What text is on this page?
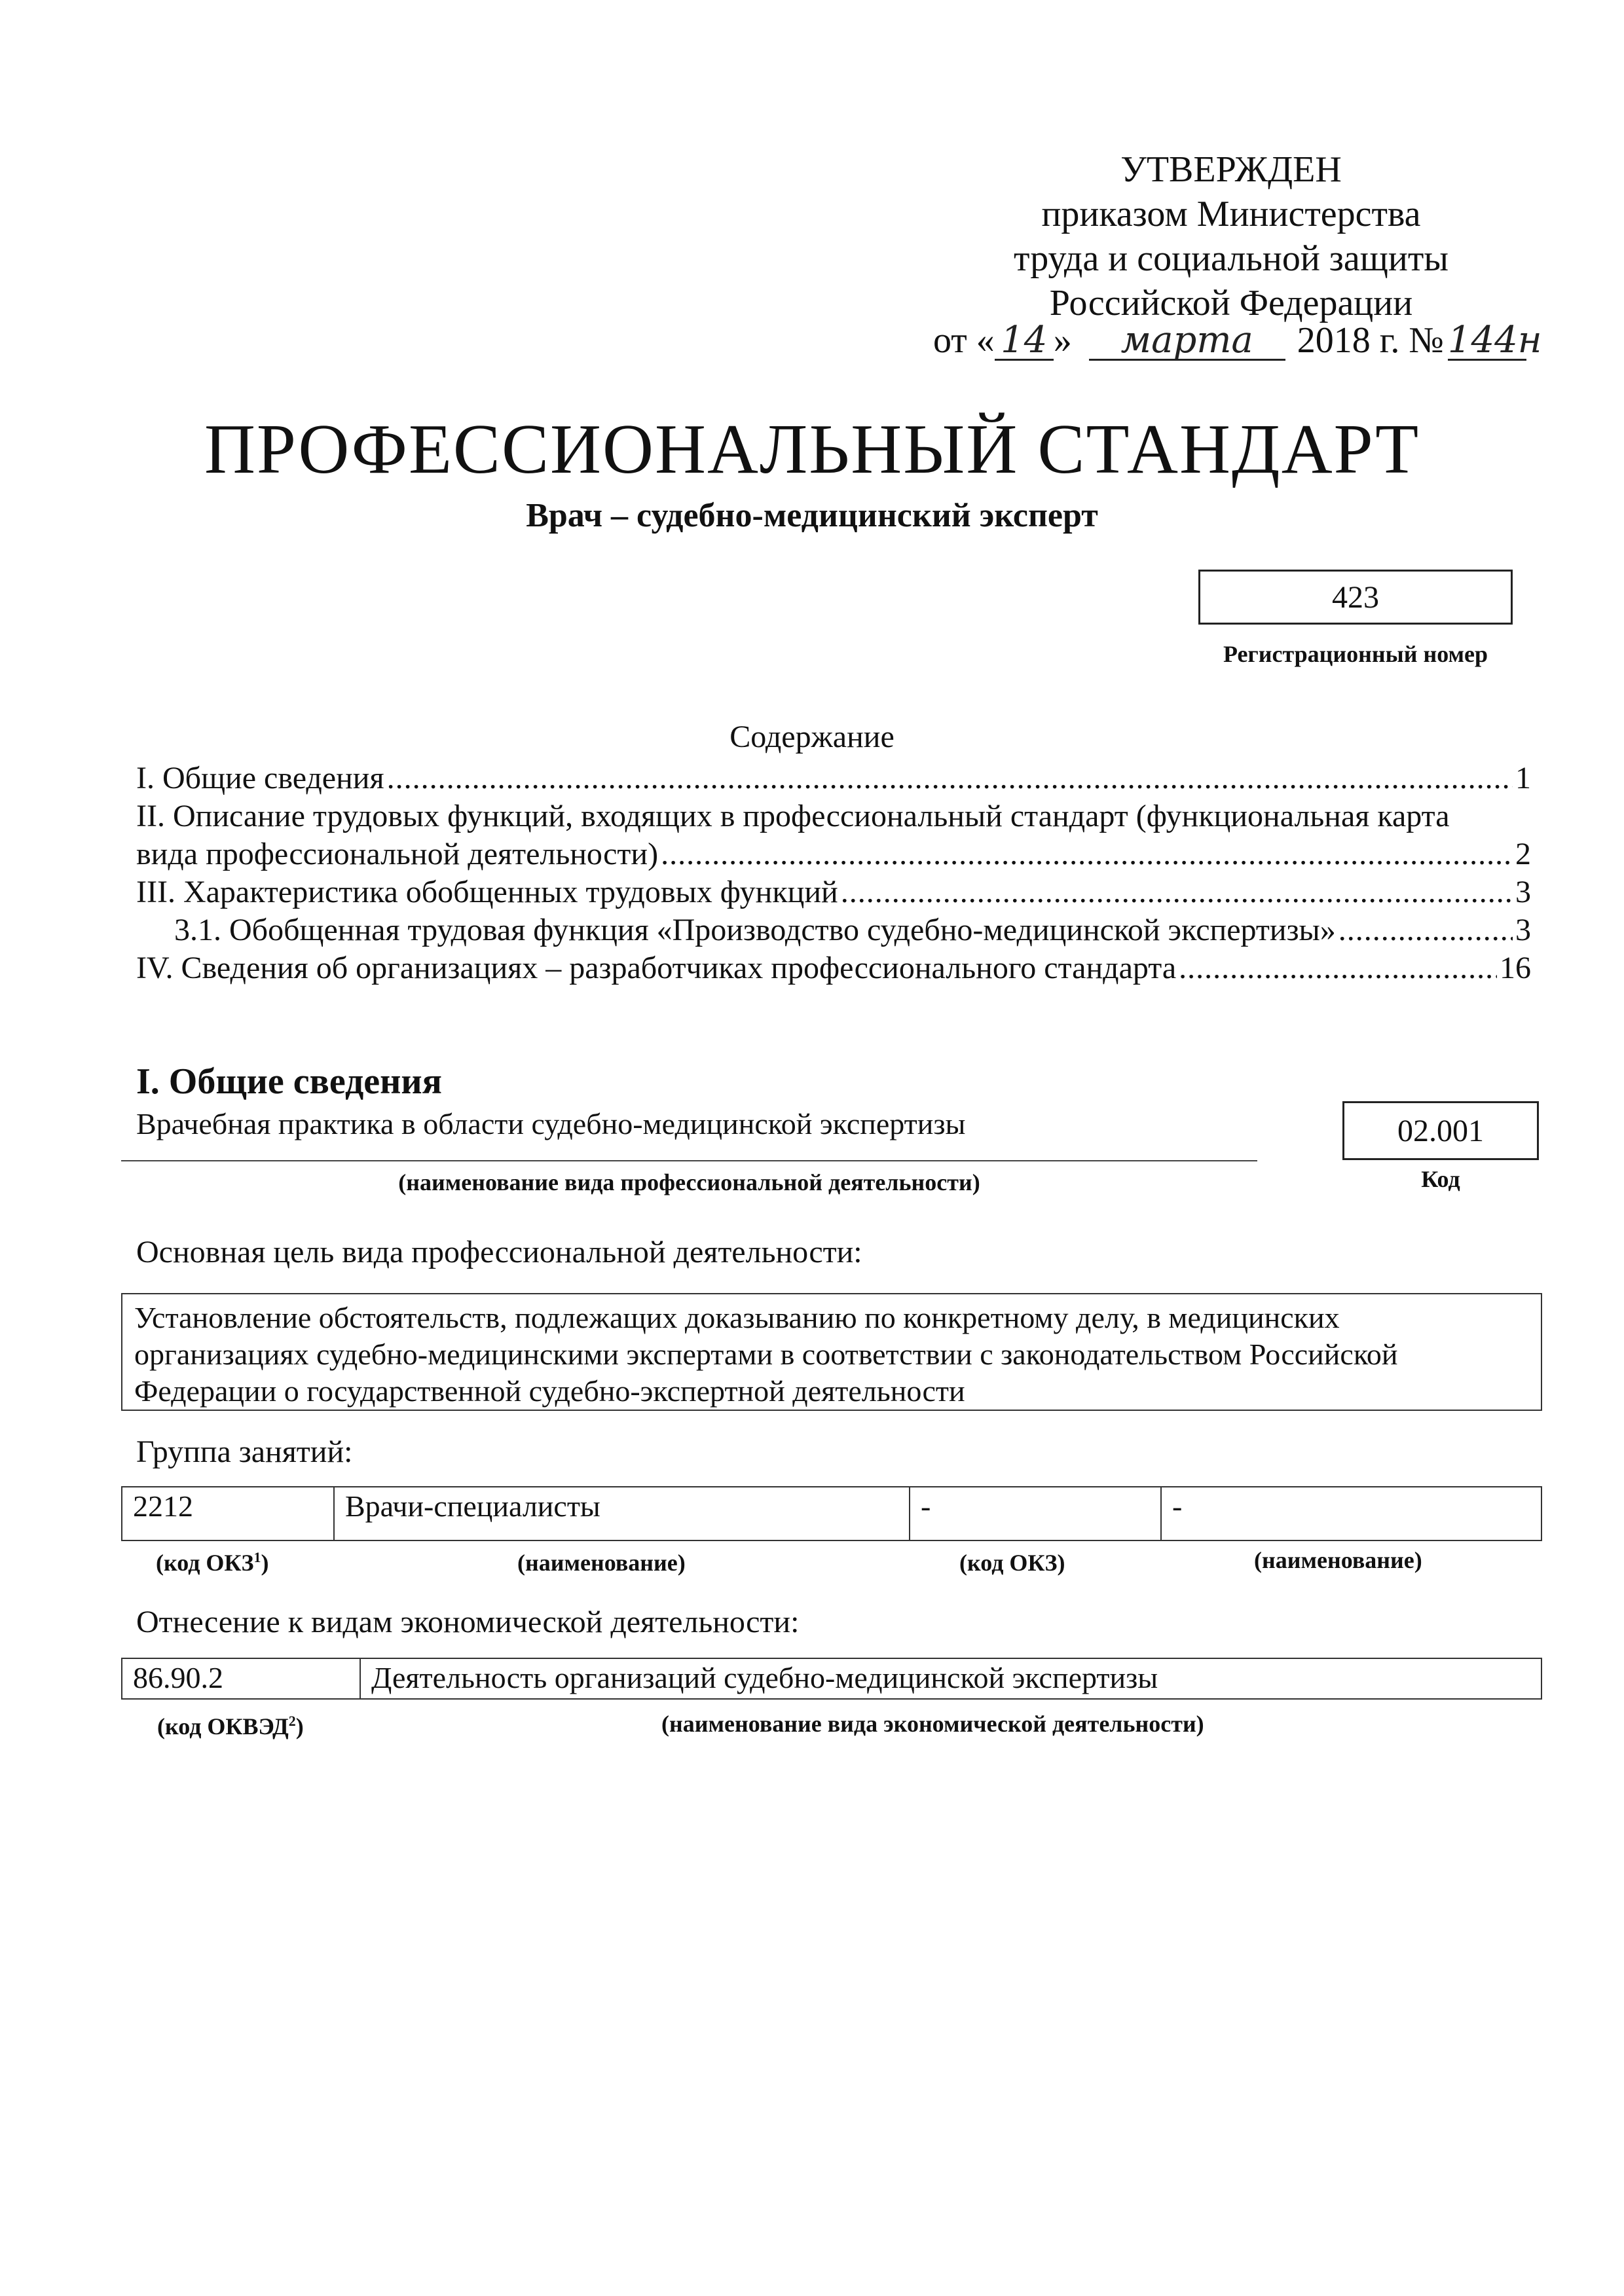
УТВЕРЖДЕН
приказом Министерства
труда и социальной защиты
Российской Федерации
от « 14 » марта 2018 г. № 144н
ПРОФЕССИОНАЛЬНЫЙ СТАНДАРТ
Врач – судебно-медицинский эксперт
423
Регистрационный номер
Содержание
I. Общие сведения .....	1
II. Описание трудовых функций, входящих в профессиональный стандарт (функциональная карта
вида профессиональной деятельности) .....	2
III. Характеристика обобщенных трудовых функций .....	3
3.1. Обобщенная трудовая функция «Производство судебно-медицинской экспертизы» .....	3
IV. Сведения об организациях – разработчиках профессионального стандарта .....	16
I. Общие сведения
Врачебная практика в области судебно-медицинской экспертизы
(наименование вида профессиональной деятельности)
02.001
Код
Основная цель вида профессиональной деятельности:
Установление обстоятельств, подлежащих доказыванию по конкретному делу, в медицинских
организациях судебно-медицинскими экспертами в соответствии с законодательством Российской
Федерации о государственной судебно-экспертной деятельности
Группа занятий:
2212	Врачи-специалисты	-	-
(код ОКЗ$^1$)	(наименование)	(код ОКЗ)	(наименование)
Отнесение к видам экономической деятельности:
86.90.2	Деятельность организаций судебно-медицинской экспертизы
(код ОКВЭД$^2$)	(наименование вида экономической деятельности)
